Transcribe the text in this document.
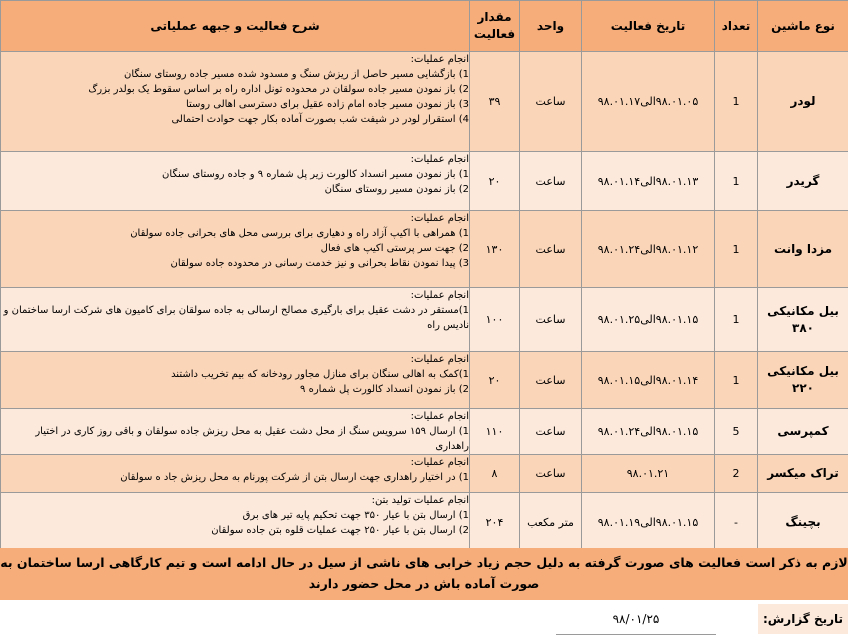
نوع ماشین	تعداد	تاریخ فعالیت	واحد	مقدار فعالیت	شرح فعالیت و جبهه عملیاتی
لودر	1	۹۸.۰۱.۰۵الی۹۸.۰۱.۱۷	ساعت	۳۹	انجام عملیات:
1) بازگشایی مسیر حاصل از ریزش سنگ و مسدود شده مسیر جاده روستای سنگان
2) باز نمودن مسیر جاده سولقان در محدوده تونل اداره راه بر اساس سقوط یک بولدر بزرگ
3) باز نمودن مسیر جاده امام زاده عقیل برای دسترسی اهالی روستا
4) استقرار لودر در شیفت شب بصورت آماده بکار جهت حوادث احتمالی

گریدر	1	۹۸.۰۱.۱۳الی۹۸.۰۱.۱۴	ساعت	۲۰	انجام عملیات:
1) باز نمودن مسیر انسداد کالورت زیر پل شماره ۹ و جاده روستای سنگان
2) باز نمودن مسیر روستای سنگان

مزدا وانت	1	۹۸.۰۱.۱۲الی۹۸.۰۱.۲۴	ساعت	۱۳۰	انجام عملیات:
1) همراهی با اکیپ آزاد راه و دهیاری برای بررسی محل های بحرانی جاده سولقان
2) جهت سر پرستی اکیپ های فعال
3) پیدا نمودن نقاط بحرانی و نیز خدمت رسانی در محدوده جاده سولقان

بیل مکانیکی ۳۸۰	1	۹۸.۰۱.۱۵الی۹۸.۰۱.۲۵	ساعت	۱۰۰	انجام عملیات:
1)مستقر در دشت عقیل برای بارگیری مصالح ارسالی به جاده سولقان برای کامیون های شرکت ارسا ساختمان و نادیس راه

بیل مکانیکی ۲۲۰	1	۹۸.۰۱.۱۴الی۹۸.۰۱.۱۵	ساعت	۲۰	انجام عملیات:
1)کمک به اهالی سنگان برای منازل مجاور رودخانه که بیم تخریب داشتند
2) باز نمودن انسداد کالورت پل شماره ۹

کمپرسی	5	۹۸.۰۱.۱۵الی۹۸.۰۱.۲۴	ساعت	۱۱۰	انجام عملیات:
1) ارسال ۱۵۹ سرویس سنگ از محل دشت عقیل به محل ریزش جاده سولقان و باقی روز کاری در اختیار راهداری

تراک میکسر	2	۹۸.۰۱.۲۱	ساعت	۸	انجام عملیات:
1) در اختیار راهداری جهت ارسال بتن از شرکت پورنام به محل ریزش جاد ه سولقان

بچینگ	-	۹۸.۰۱.۱۵الی۹۸.۰۱.۱۹	متر مکعب	۲۰۴	انجام عملیات تولید بتن:
1) ارسال بتن با عیار ۳۵۰ جهت تحکیم پایه تیر های برق
2) ارسال بتن با عیار ۲۵۰ جهت عملیات قلوه بتن جاده سولقان
لازم به ذکر است فعالیت های صورت گرفته به دلیل حجم زیاد خرابی های ناشی از سیل در حال ادامه است و تیم کارگاهی ارسا ساختمان به صورت آماده باش در محل حضور دارند
تاریخ گزارش:
۹۸/۰۱/۲۵
